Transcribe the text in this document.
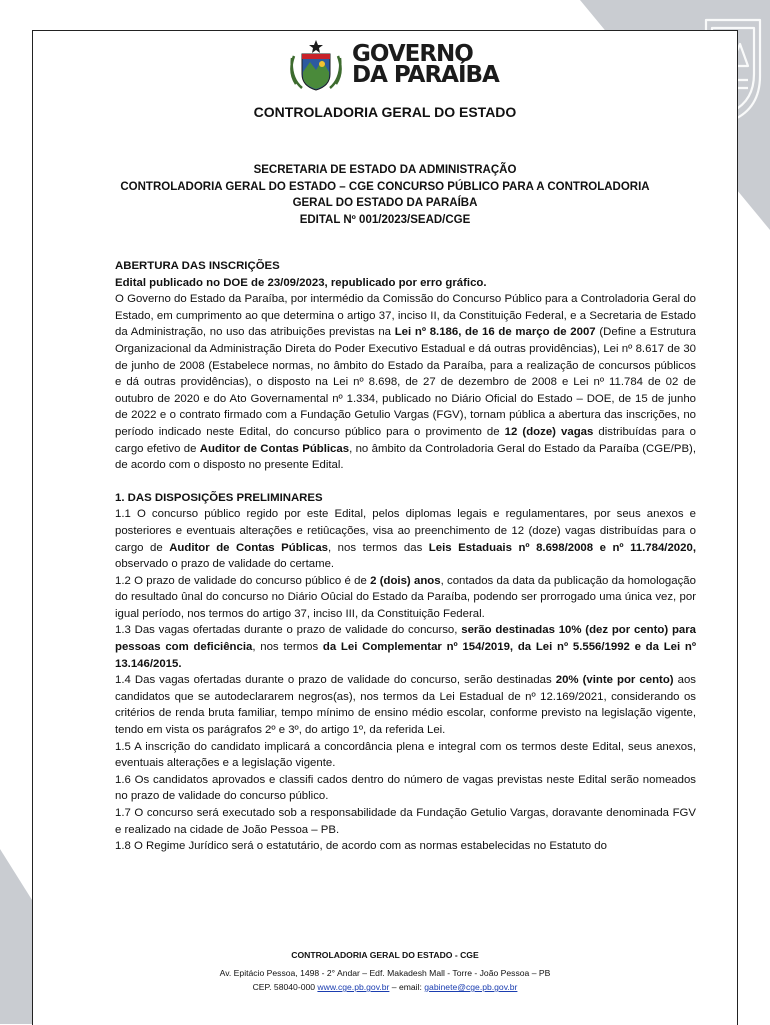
GOVERNO
DA PARAÍBA
CONTROLADORIA GERAL DO ESTADO
SECRETARIA DE ESTADO DA ADMINISTRAÇÃO
CONTROLADORIA GERAL DO ESTADO – CGE CONCURSO PÚBLICO PARA A CONTROLADORIA
GERAL DO ESTADO DA PARAÍBA
EDITAL Nº 001/2023/SEAD/CGE

ABERTURA DAS INSCRIÇÕES

Edital publicado no DOE de 23/09/2023, republicado por erro gráfico.

O Governo do Estado da Paraíba, por intermédio da Comissão do Concurso Público para a Controladoria Geral do Estado, em cumprimento ao que determina o artigo 37, inciso II, da Constituição Federal, e a Secretaria de Estado da Administração, no uso das atribuições previstas na Lei nº 8.186, de 16 de março de 2007 (Define a Estrutura Organizacional da Administração Direta do Poder Executivo Estadual e dá outras providências), Lei nº 8.617 de 30 de junho de 2008 (Estabelece normas, no âmbito do Estado da Paraíba, para a realização de concursos públicos e dá outras providências), o disposto na Lei nº 8.698, de 27 de dezembro de 2008 e Lei nº 11.784 de 02 de outubro de 2020 e do Ato Governamental nº 1.334, publicado no Diário Oficial do Estado – DOE, de 15 de junho de 2022 e o contrato firmado com a Fundação Getulio Vargas (FGV), tornam pública a abertura das inscrições, no período indicado neste Edital, do concurso público para o provimento de 12 (doze) vagas distribuídas para o cargo efetivo de Auditor de Contas Públicas, no âmbito da Controladoria Geral do Estado da Paraíba (CGE/PB), de acordo com o disposto no presente Edital.

1. DAS DISPOSIÇÕES PRELIMINARES

1.1 O concurso público regido por este Edital, pelos diplomas legais e regulamentares, por seus anexos e posteriores e eventuais alterações e retiûcações, visa ao preenchimento de 12 (doze) vagas distribuídas para o cargo de Auditor de Contas Públicas, nos termos das Leis Estaduais nº 8.698/2008 e nº 11.784/2020, observado o prazo de validade do certame.

1.2 O prazo de validade do concurso público é de 2 (dois) anos, contados da data da publicação da homologação do resultado ûnal do concurso no Diário Oûcial do Estado da Paraíba, podendo ser prorrogado uma única vez, por igual período, nos termos do artigo 37, inciso III, da Constituição Federal.

1.3 Das vagas ofertadas durante o prazo de validade do concurso, serão destinadas 10% (dez por cento) para pessoas com deficiência, nos termos da Lei Complementar nº 154/2019, da Lei nº 5.556/1992 e da Lei nº 13.146/2015.

1.4 Das vagas ofertadas durante o prazo de validade do concurso, serão destinadas 20% (vinte por cento) aos candidatos que se autodeclararem negros(as), nos termos da Lei Estadual de nº 12.169/2021, considerando os critérios de renda bruta familiar, tempo mínimo de ensino médio escolar, conforme previsto na legislação vigente, tendo em vista os parágrafos 2º e 3º, do artigo 1º, da referida Lei.

1.5 A inscrição do candidato implicará a concordância plena e integral com os termos deste Edital, seus anexos, eventuais alterações e a legislação vigente.

1.6 Os candidatos aprovados e classiﬁ cados dentro do número de vagas previstas neste Edital serão nomeados no prazo de validade do concurso público.

1.7 O concurso será executado sob a responsabilidade da Fundação Getulio Vargas, doravante denominada FGV e realizado na cidade de João Pessoa – PB.

1.8 O Regime Jurídico será o estatutário, de acordo com as normas estabelecidas no Estatuto do

CONTROLADORIA GERAL DO ESTADO - CGE
Av. Epitácio Pessoa, 1498 - 2° Andar – Edf. Makadesh Mall - Torre - João Pessoa – PB
CEP. 58040-000 www.cge.pb.gov.br – email: gabinete@cge.pb.gov.br
